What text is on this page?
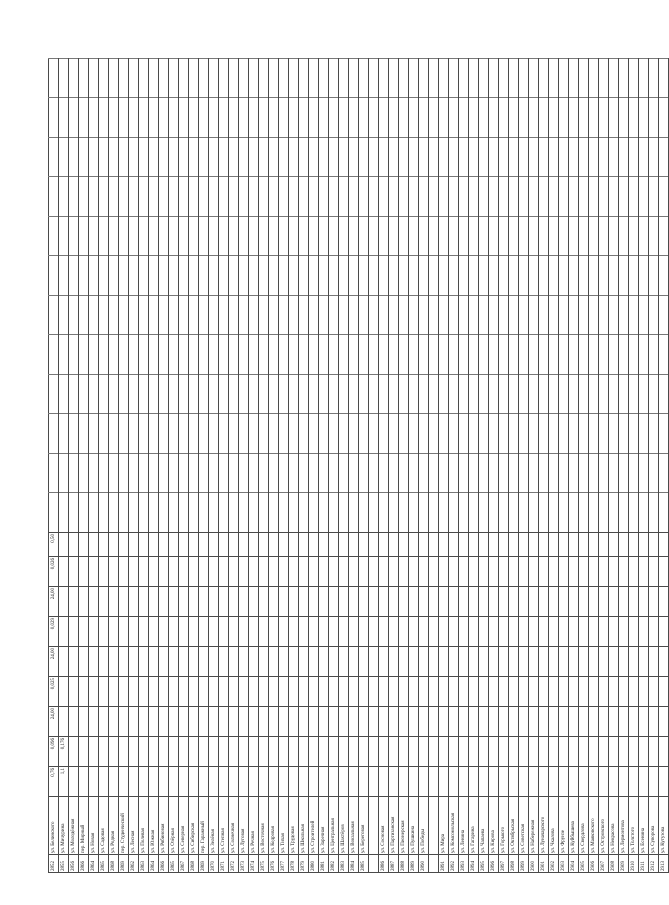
2852	ул. Белинского	0,76	0,096	24,00	0,025	24,00	0,029	24,00	0,026	0,50												
2855	ул. Мичурина	1,1	0,176																			
2856	ул. Молодёжная																					
2866	пер. Мирный																					
2864	ул. Новая																					
2865	ул. Садовая																					
2868	ул. Родная																					
2869	пер. Студенческий																					
2862	ул. Лесная																					
2863	ул. Полевая																					
2864	ул. Южная																					
2866	ул. Рябиновая																					
2865	ул. Озёрная																					
2867	ул. Северная																					
2868	ул. Сибирская																					
2869	пер. Гаражный																					
2870	ул. Зелёная																					
2871	ул. Степная																					
2872	ул. Солнечная																					
2873	ул. Луговая																					
2874	ул. Речная																					
2875	ул. Восточная																					
2876	ул. Кедровая																					
2877	ул. Тихая																					
2878	ул. Трудовая																					
2879	ул. Школьная																					
2880	ул. Строителей																					
2881	ул. Заречная																					
2882	ул. Центральная																					
2883	ул. Шахтёров																					
2884	ул. Вокзальная																					
2885	ул. Береговая																					

2886	ул. Сосновая																					
2887	ул. Партизанская																					
2888	ул. Пионерская																					
2889	ул. Пушкина																					
2890	ул. Победы																					

2891	ул. Мира																					
2892	ул. Комсомольская																					
2893	ул. Ленина																					
2894	ул. Гагарина																					
2895	ул. Чапаева																					
2896	ул. Кирова																					
2897	ул. Горького																					
2898	ул. Октябрьская																					
2899	ул. Советская																					
2900	ул. Набережная																					
2901	ул. Луначарского																					
2902	ул. Чкалова																					
2903	ул. Фрунзе																					
2904	ул. Куйбышева																					
2905	ул. Свердлова																					
2906	ул. Маяковского																					
2907	ул. Островского																					
2908	ул. Некрасова																					
2909	ул. Лермонтова																					
2910	ул. Толстого																					
2911	ул. Есенина																					
2912	ул. Суворова																					
2913	ул. Кутузова																					
